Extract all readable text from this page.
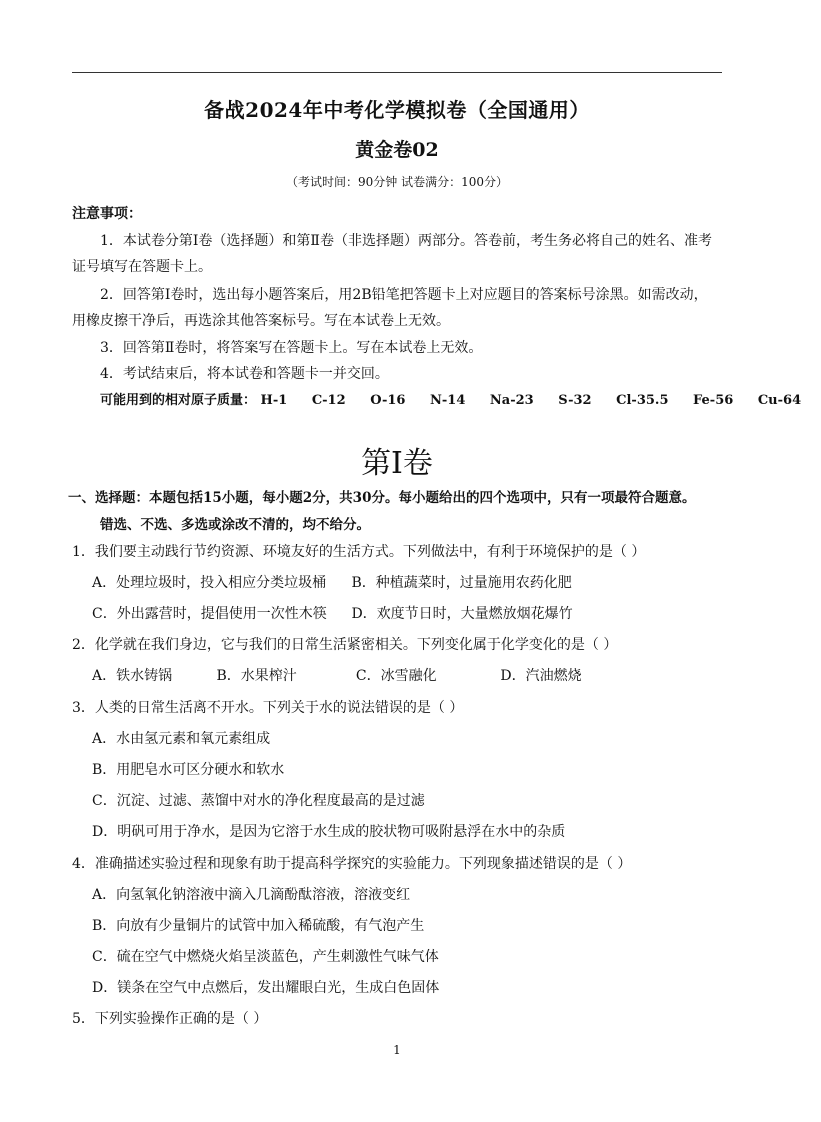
备战2024年中考化学模拟卷（全国通用）
黄金卷02
（考试时间：90分钟 试卷满分：100分）
注意事项：
1．本试卷分第Ⅰ卷（选择题）和第Ⅱ卷（非选择题）两部分。答卷前，考生务必将自己的姓名、准考
证号填写在答题卡上。
2．回答第Ⅰ卷时，选出每小题答案后，用2B铅笔把答题卡上对应题目的答案标号涂黑。如需改动，
用橡皮擦干净后，再选涂其他答案标号。写在本试卷上无效。
3．回答第Ⅱ卷时，将答案写在答题卡上。写在本试卷上无效。
4．考试结束后，将本试卷和答题卡一并交回。
可能用到的相对原子质量： H-1 C-12 O-16 N-14 Na-23 S-32 Cl-35.5 Fe-56 Cu-64
第Ⅰ卷
一、选择题：本题包括15小题，每小题2分，共30分。每小题给出的四个选项中，只有一项最符合题意。
错选、不选、多选或涂改不清的，均不给分。
1．我们要主动践行节约资源、环境友好的生活方式。下列做法中，有利于环境保护的是（ ）
A．处理垃圾时，投入相应分类垃圾桶 B．种植蔬菜时，过量施用农药化肥
C．外出露营时，提倡使用一次性木筷 D．欢度节日时，大量燃放烟花爆竹
2．化学就在我们身边，它与我们的日常生活紧密相关。下列变化属于化学变化的是（ ）
A．铁水铸锅	B．水果榨汁	C．冰雪融化	D．汽油燃烧
3．人类的日常生活离不开水。下列关于水的说法错误的是（ ）
A．水由氢元素和氧元素组成
B．用肥皂水可区分硬水和软水
C．沉淀、过滤、蒸馏中对水的净化程度最高的是过滤
D．明矾可用于净水，是因为它溶于水生成的胶状物可吸附悬浮在水中的杂质
4．准确描述实验过程和现象有助于提高科学探究的实验能力。下列现象描述错误的是（ ）
A．向氢氧化钠溶液中滴入几滴酚酞溶液，溶液变红
B．向放有少量铜片的试管中加入稀硫酸，有气泡产生
C．硫在空气中燃烧火焰呈淡蓝色，产生刺激性气味气体
D．镁条在空气中点燃后，发出耀眼白光，生成白色固体
5．下列实验操作正确的是（ ）
1
